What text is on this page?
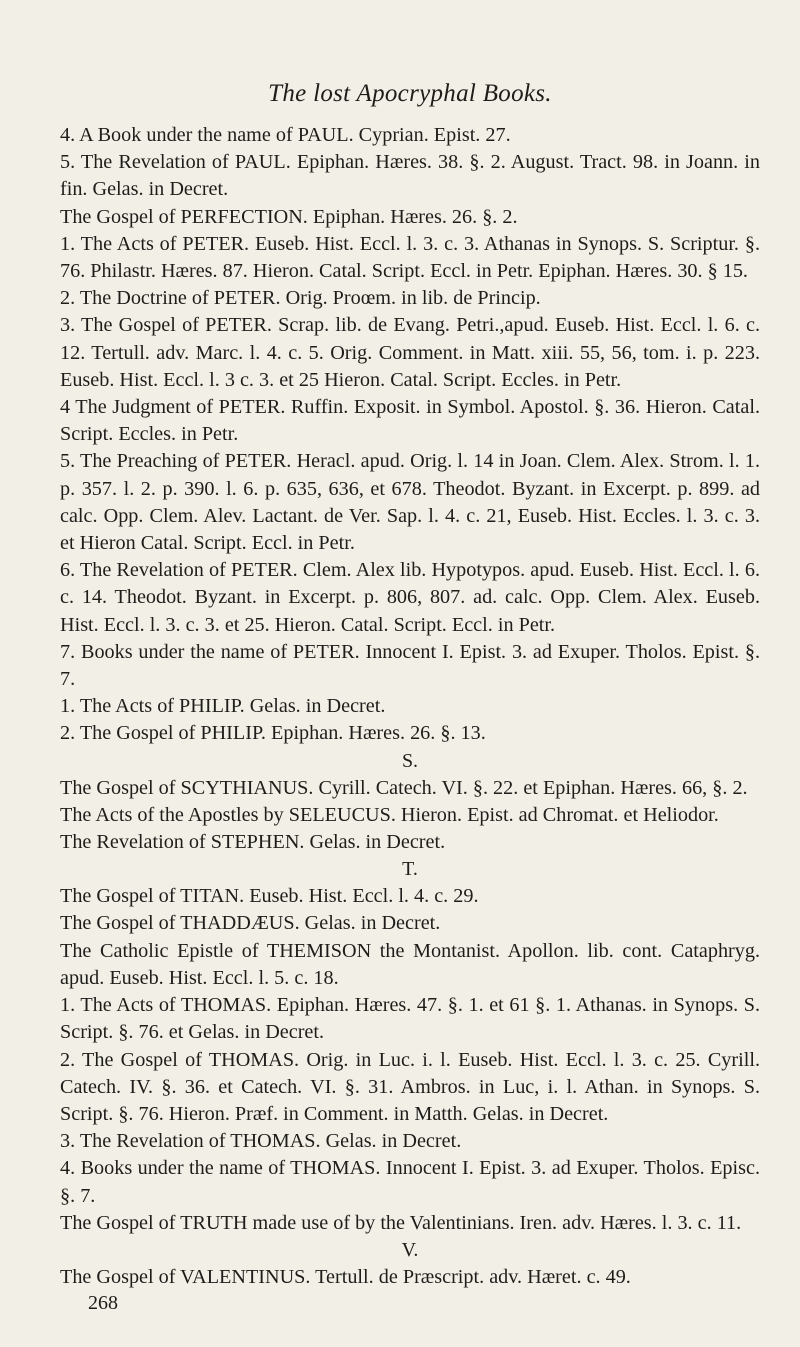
The lost Apocryphal Books.

4. A Book under the name of PAUL. Cyprian. Epist. 27.

5. The Revelation of PAUL. Epiphan. Hæres. 38. §. 2. August. Tract. 98. in Joann. in fin. Gelas. in Decret.

The Gospel of PERFECTION. Epiphan. Hæres. 26. §. 2.

1. The Acts of PETER. Euseb. Hist. Eccl. l. 3. c. 3. Athanas in Synops. S. Scriptur. §. 76. Philastr. Hæres. 87. Hieron. Catal. Script. Eccl. in Petr. Epiphan. Hæres. 30. § 15.

2. The Doctrine of PETER. Orig. Proœm. in lib. de Princip.

3. The Gospel of PETER. Scrap. lib. de Evang. Petri.,apud. Euseb. Hist. Eccl. l. 6. c. 12. Tertull. adv. Marc. l. 4. c. 5. Orig. Comment. in Matt. xiii. 55, 56, tom. i. p. 223. Euseb. Hist. Eccl. l. 3 c. 3. et 25 Hieron. Catal. Script. Eccles. in Petr.

4 The Judgment of PETER. Ruffin. Exposit. in Symbol. Apostol. §. 36. Hieron. Catal. Script. Eccles. in Petr.

5. The Preaching of PETER. Heracl. apud. Orig. l. 14 in Joan. Clem. Alex. Strom. l. 1. p. 357. l. 2. p. 390. l. 6. p. 635, 636, et 678. Theodot. Byzant. in Excerpt. p. 899. ad calc. Opp. Clem. Alev. Lactant. de Ver. Sap. l. 4. c. 21, Euseb. Hist. Eccles. l. 3. c. 3. et Hieron Catal. Script. Eccl. in Petr.

6. The Revelation of PETER. Clem. Alex lib. Hypotypos. apud. Euseb. Hist. Eccl. l. 6. c. 14. Theodot. Byzant. in Excerpt. p. 806, 807. ad. calc. Opp. Clem. Alex. Euseb. Hist. Eccl. l. 3. c. 3. et 25. Hieron. Catal. Script. Eccl. in Petr.

7. Books under the name of PETER. Innocent I. Epist. 3. ad Exuper. Tholos. Epist. §. 7.

1. The Acts of PHILIP. Gelas. in Decret.

2. The Gospel of PHILIP. Epiphan. Hæres. 26. §. 13.

S.

The Gospel of SCYTHIANUS. Cyrill. Catech. VI. §. 22. et Epiphan. Hæres. 66, §. 2.

The Acts of the Apostles by SELEUCUS. Hieron. Epist. ad Chromat. et Heliodor.

The Revelation of STEPHEN. Gelas. in Decret.

T.

The Gospel of TITAN. Euseb. Hist. Eccl. l. 4. c. 29.

The Gospel of THADDÆUS. Gelas. in Decret.

The Catholic Epistle of THEMISON the Montanist. Apollon. lib. cont. Cataphryg. apud. Euseb. Hist. Eccl. l. 5. c. 18.

1. The Acts of THOMAS. Epiphan. Hæres. 47. §. 1. et 61 §. 1. Athanas. in Synops. S. Script. §. 76. et Gelas. in Decret.

2. The Gospel of THOMAS. Orig. in Luc. i. l. Euseb. Hist. Eccl. l. 3. c. 25. Cyrill. Catech. IV. §. 36. et Catech. VI. §. 31. Ambros. in Luc, i. l. Athan. in Synops. S. Script. §. 76. Hieron. Præf. in Comment. in Matth. Gelas. in Decret.

3. The Revelation of THOMAS. Gelas. in Decret.

4. Books under the name of THOMAS. Innocent I. Epist. 3. ad Exuper. Tholos. Episc. §. 7.

The Gospel of TRUTH made use of by the Valentinians. Iren. adv. Hæres. l. 3. c. 11.

V.

The Gospel of VALENTINUS. Tertull. de Præscript. adv. Hæret. c. 49.

268
